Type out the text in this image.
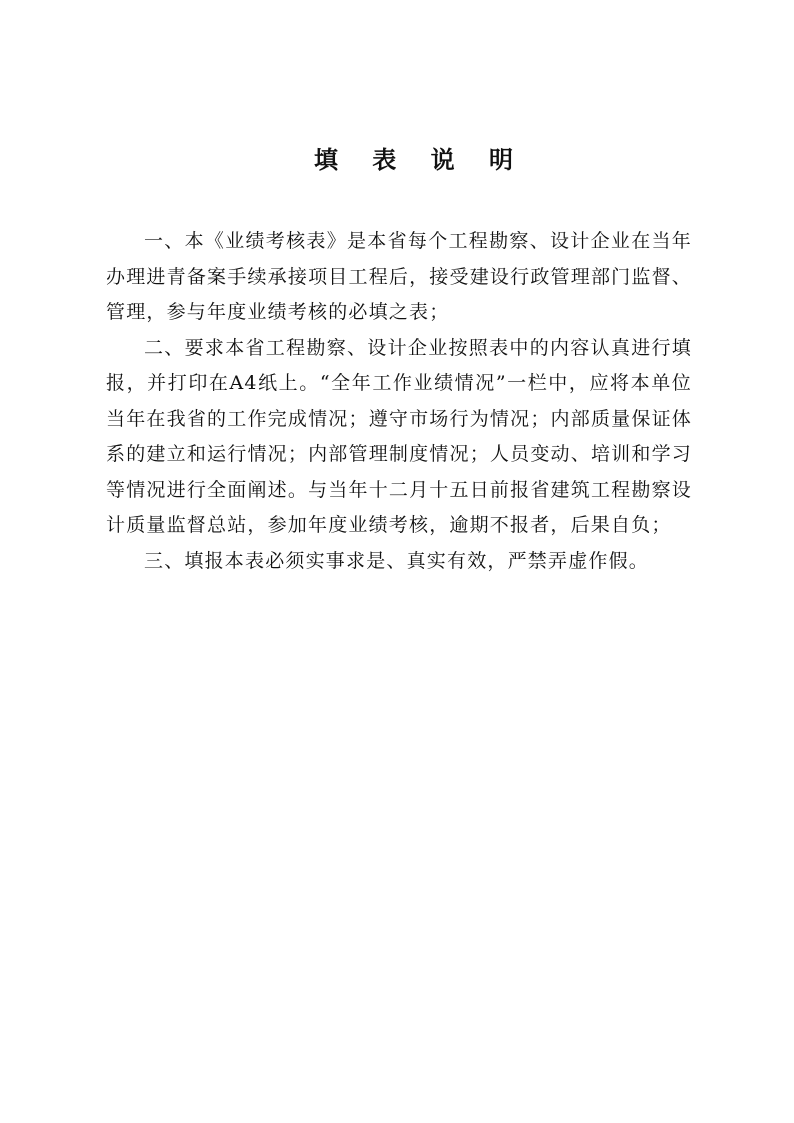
填 表 说 明

一、本《业绩考核表》是本省每个工程勘察、设计企业在当年办理进青备案手续承接项目工程后，接受建设行政管理部门监督、管理，参与年度业绩考核的必填之表；

二、要求本省工程勘察、设计企业按照表中的内容认真进行填报，并打印在A4纸上。“全年工作业绩情况”一栏中，应将本单位当年在我省的工作完成情况；遵守市场行为情况；内部质量保证体系的建立和运行情况；内部管理制度情况；人员变动、培训和学习等情况进行全面阐述。与当年十二月十五日前报省建筑工程勘察设计质量监督总站，参加年度业绩考核，逾期不报者，后果自负；

三、填报本表必须实事求是、真实有效，严禁弄虚作假。
